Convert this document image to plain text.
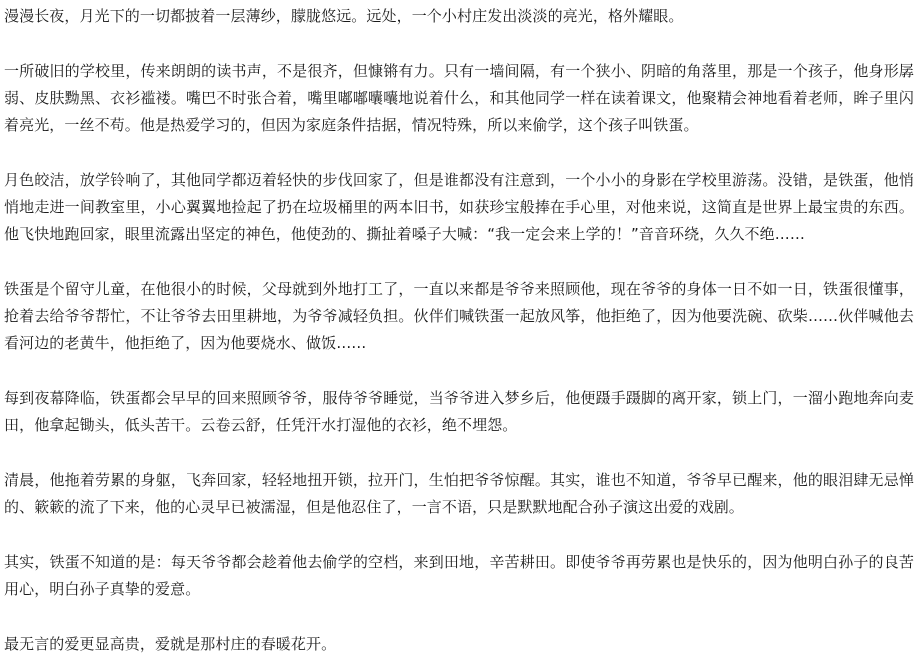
漫漫长夜，月光下的一切都披着一层薄纱，朦胧悠远。远处，一个小村庄发出淡淡的亮光，格外耀眼。

一所破旧的学校里，传来朗朗的读书声，不是很齐，但慷锵有力。只有一墙间隔，有一个狭小、阴暗的角落里，那是一个孩子，他身形孱弱、皮肤黝黑、衣衫褴褛。嘴巴不时张合着，嘴里嘟嘟囔囔地说着什么，和其他同学一样在读着课文，他聚精会神地看着老师，眸子里闪着亮光，一丝不苟。他是热爱学习的，但因为家庭条件拮据，情况特殊，所以来偷学，这个孩子叫铁蛋。

月色皎洁，放学铃响了，其他同学都迈着轻快的步伐回家了，但是谁都没有注意到，一个小小的身影在学校里游荡。没错，是铁蛋，他悄悄地走进一间教室里，小心翼翼地捡起了扔在垃圾桶里的两本旧书，如获珍宝般捧在手心里，对他来说，这简直是世界上最宝贵的东西。他飞快地跑回家，眼里流露出坚定的神色，他使劲的、撕扯着嗓子大喊：“我一定会来上学的！”音音环绕，久久不绝……

铁蛋是个留守儿童，在他很小的时候，父母就到外地打工了，一直以来都是爷爷来照顾他，现在爷爷的身体一日不如一日，铁蛋很懂事，抢着去给爷爷帮忙，不让爷爷去田里耕地，为爷爷减轻负担。伙伴们喊铁蛋一起放风筝，他拒绝了，因为他要洗碗、砍柴……伙伴喊他去看河边的老黄牛，他拒绝了，因为他要烧水、做饭……

每到夜幕降临，铁蛋都会早早的回来照顾爷爷，服侍爷爷睡觉，当爷爷进入梦乡后，他便蹑手蹑脚的离开家，锁上门，一溜小跑地奔向麦田，他拿起锄头，低头苦干。云卷云舒，任凭汗水打湿他的衣衫，绝不埋怨。

清晨，他拖着劳累的身躯，飞奔回家，轻轻地扭开锁，拉开门，生怕把爷爷惊醒。其实，谁也不知道，爷爷早已醒来，他的眼泪肆无忌惮的、簌簌的流了下来，他的心灵早已被濡湿，但是他忍住了，一言不语，只是默默地配合孙子演这出爱的戏剧。

其实，铁蛋不知道的是：每天爷爷都会趁着他去偷学的空档，来到田地，辛苦耕田。即使爷爷再劳累也是快乐的，因为他明白孙子的良苦用心，明白孙子真挚的爱意。

最无言的爱更显高贵，爱就是那村庄的春暖花开。
